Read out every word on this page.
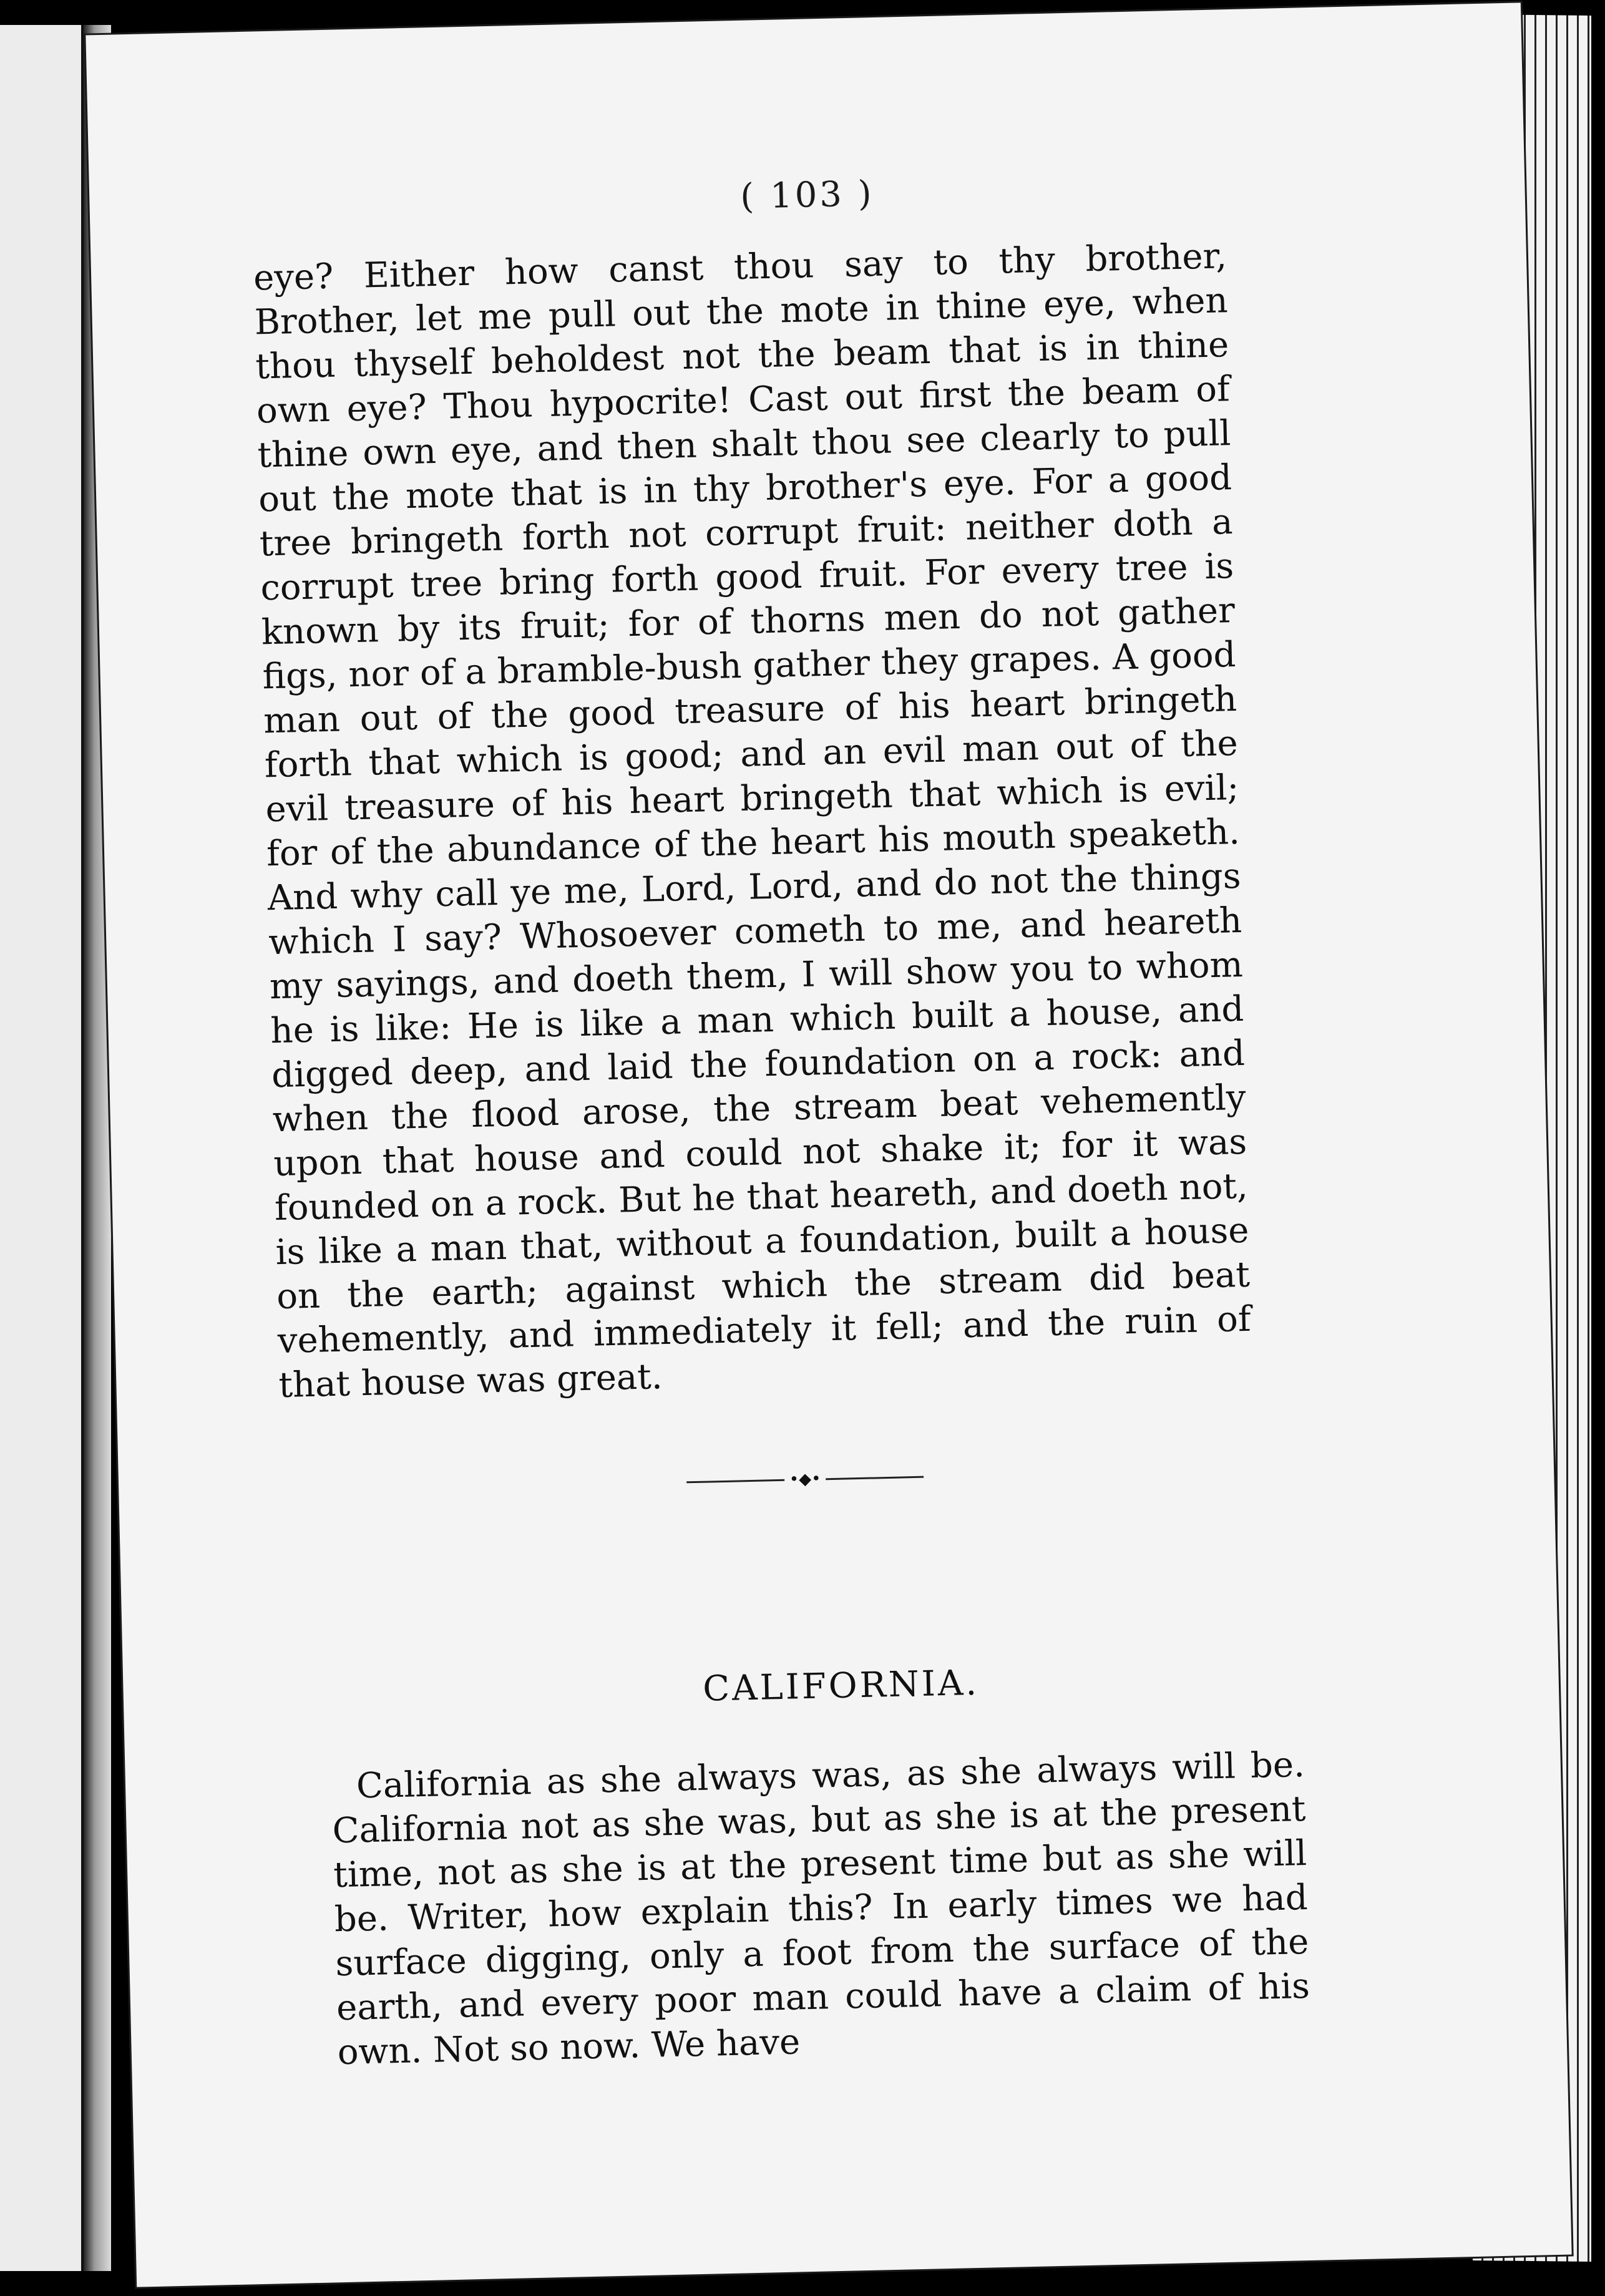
( 103 )

eye? Either how canst thou say to thy brother, Brother, let me pull out the mote in thine eye, when thou thyself beholdest not the beam that is in thine own eye? Thou hypocrite! Cast out first the beam of thine own eye, and then shalt thou see clearly to pull out the mote that is in thy brother's eye. For a good tree bringeth forth not corrupt fruit: neither doth a corrupt tree bring forth good fruit. For every tree is known by its fruit; for of thorns men do not gather figs, nor of a bramble-bush gather they grapes. A good man out of the good treasure of his heart bringeth forth that which is good; and an evil man out of the evil treasure of his heart bringeth that which is evil; for of the abundance of the heart his mouth speaketh. And why call ye me, Lord, Lord, and do not the things which I say? Whosoever cometh to me, and heareth my sayings, and doeth them, I will show you to whom he is like: He is like a man which built a house, and digged deep, and laid the foundation on a rock: and when the flood arose, the stream beat vehemently upon that house and could not shake it; for it was founded on a rock. But he that heareth, and doeth not, is like a man that, without a foundation, built a house on the earth; against which the stream did beat vehemently, and immediately it fell; and the ruin of that house was great.

•◆•
CALIFORNIA.

California as she always was, as she always will be. California not as she was, but as she is at the present time, not as she is at the present time but as she will be. Writer, how explain this? In early times we had surface digging, only a foot from the surface of the earth, and every poor man could have a claim of his own. Not so now. We have
